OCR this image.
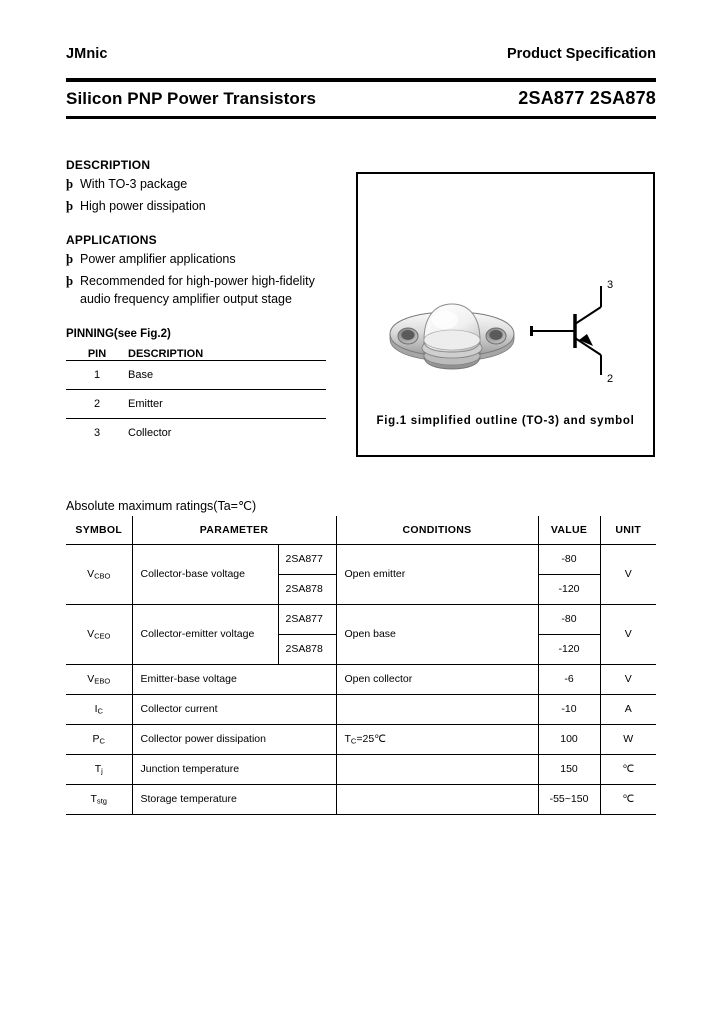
JMnic	Product Specification
Silicon PNP Power Transistors	2SA877 2SA878
DESCRIPTION
þ With TO-3 package
þ High power dissipation
APPLICATIONS
þ Power amplifier applications
þ Recommended for high-power high-fidelity
audio frequency amplifier output stage
PINNING(see Fig.2)
PIN	DESCRIPTION
1	Base
2	Emitter
3	Collector

3
2
Fig.1 simplified outline (TO-3) and symbol
Absolute maximum ratings(Ta=℃)
SYMBOL	PARAMETER		CONDITIONS	VALUE	UNIT
$V_{CBO}$	Collector-base voltage	2SA877	Open emitter	-80	V
		2SA878		-120	
$V_{CEO}$	Collector-emitter voltage	2SA877	Open base	-80	V
		2SA878		-120	
$V_{EBO}$	Emitter-base voltage		Open collector	-6	V
$I_C$	Collector current			-10	A
$P_C$	Collector power dissipation		$T_C=25℃$	100	W
$T_j$	Junction temperature			150	℃
$T_{stg}$	Storage temperature			-55~150	℃
